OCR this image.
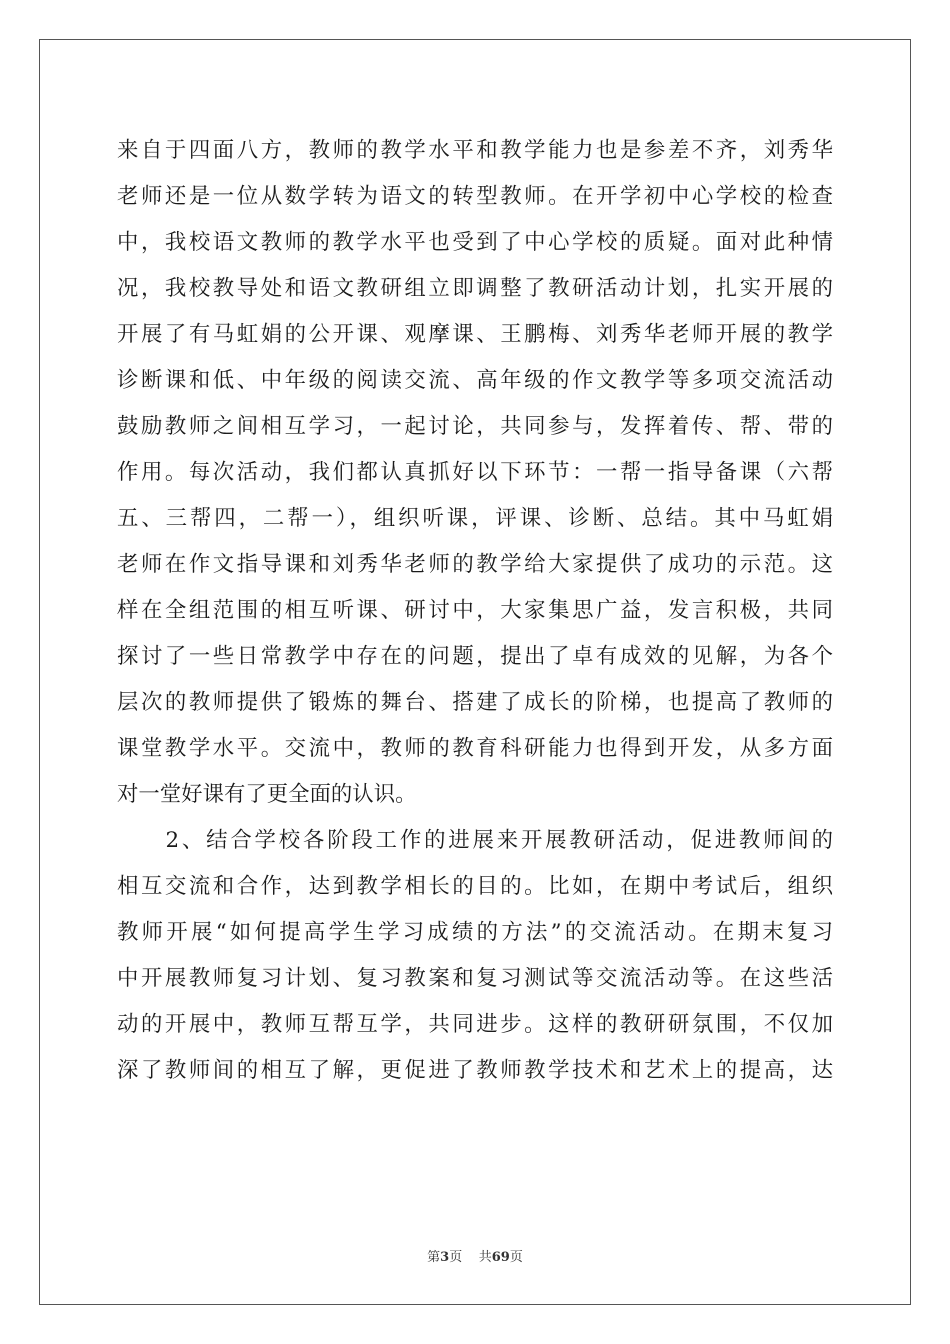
来自于四面八方，教师的教学水平和教学能力也是参差不齐，刘秀华
老师还是一位从数学转为语文的转型教师。在开学初中心学校的检查
中，我校语文教师的教学水平也受到了中心学校的质疑。面对此种情
况，我校教导处和语文教研组立即调整了教研活动计划，扎实开展的
开展了有马虹娟的公开课、观摩课、王鹏梅、刘秀华老师开展的教学
诊断课和低、中年级的阅读交流、高年级的作文教学等多项交流活动
鼓励教师之间相互学习，一起讨论，共同参与，发挥着传、帮、带的
作用。每次活动，我们都认真抓好以下环节：一帮一指导备课（六帮
五、三帮四，二帮一），组织听课，评课、诊断、总结。其中马虹娟
老师在作文指导课和刘秀华老师的教学给大家提供了成功的示范。这
样在全组范围的相互听课、研讨中，大家集思广益，发言积极，共同
探讨了一些日常教学中存在的问题，提出了卓有成效的见解，为各个
层次的教师提供了锻炼的舞台、搭建了成长的阶梯，也提高了教师的
课堂教学水平。交流中，教师的教育科研能力也得到开发，从多方面
对一堂好课有了更全面的认识。
　　2、结合学校各阶段工作的进展来开展教研活动，促进教师间的
相互交流和合作，达到教学相长的目的。比如，在期中考试后，组织
教师开展“如何提高学生学习成绩的方法”的交流活动。在期末复习
中开展教师复习计划、复习教案和复习测试等交流活动等。在这些活
动的开展中，教师互帮互学，共同进步。这样的教研研氛围，不仅加
深了教师间的相互了解，更促进了教师教学技术和艺术上的提高，达
第3页 共69页
